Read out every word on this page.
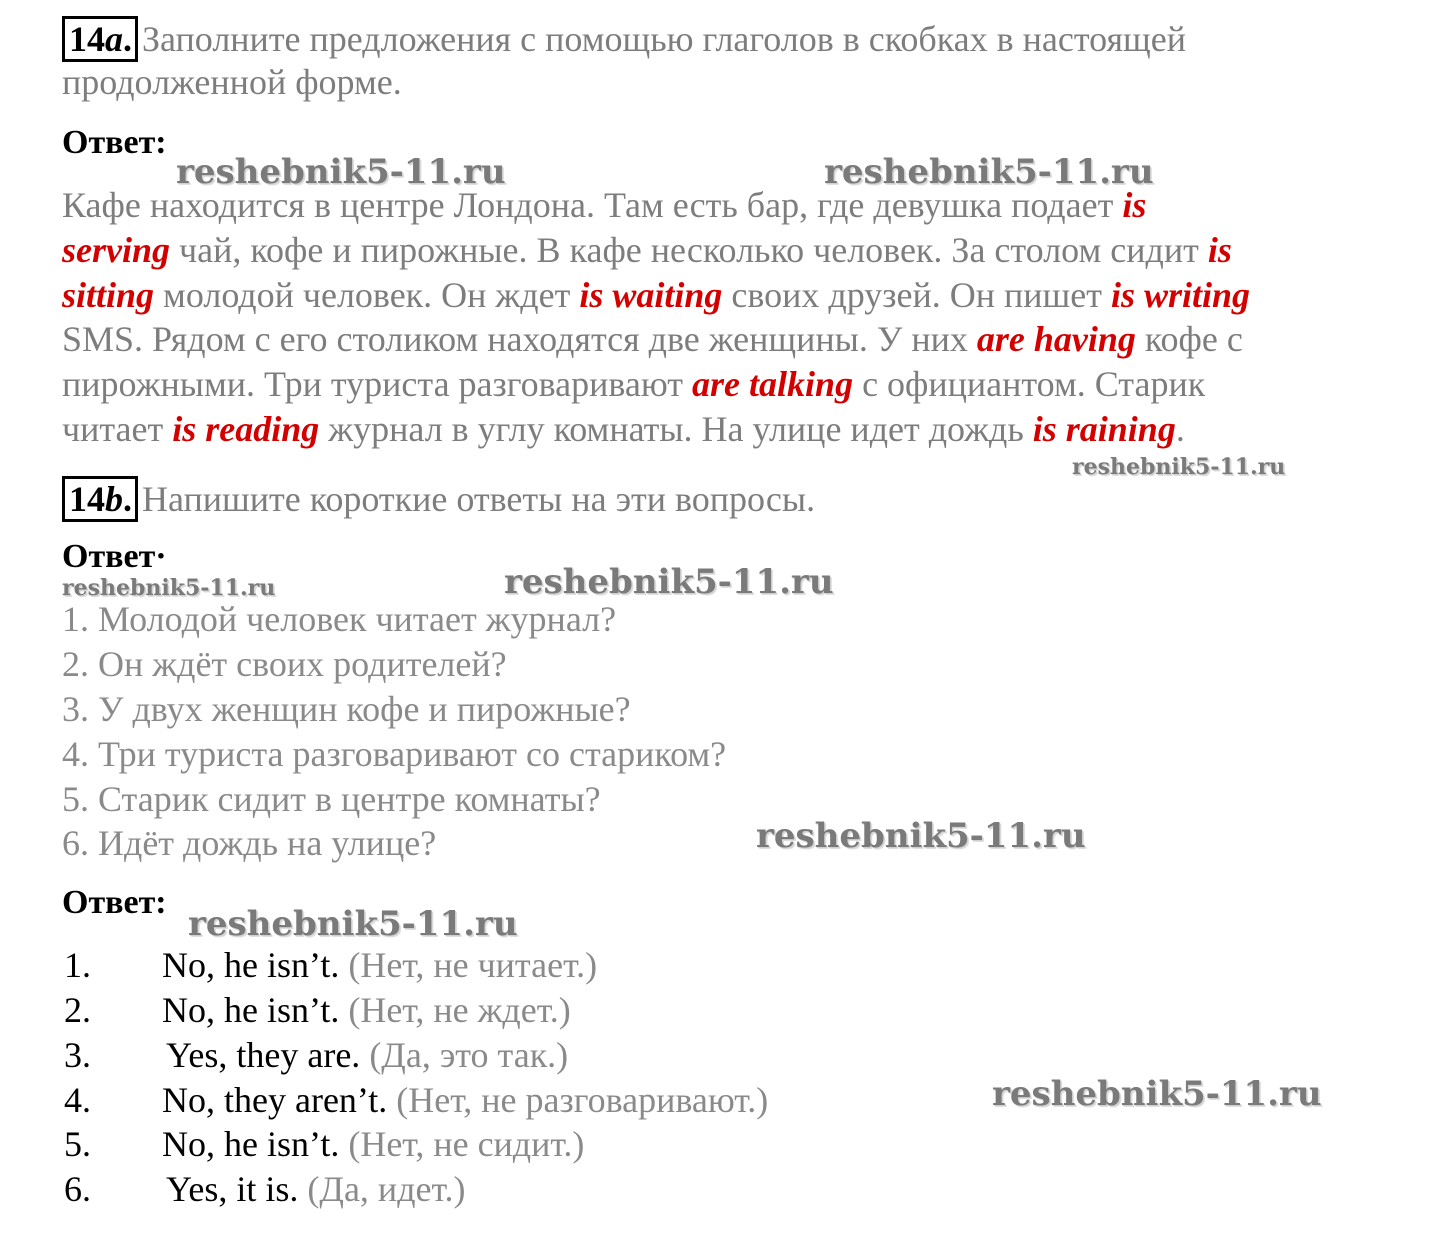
14a. Заполните предложения с помощью глаголов в скобках в настоящей
продолженной форме.
Ответ:
Кафе находится в центре Лондона. Там есть бар, где девушка подает is
serving чай, кофе и пирожные. В кафе несколько человек. За столом сидит is
sitting молодой человек. Он ждет is waiting своих друзей. Он пишет is writing
SMS. Рядом с его столиком находятся две женщины. У них are having кофе с
пирожными. Три туриста разговаривают are talking с официантом. Старик
читает is reading журнал в углу комнаты. На улице идет дождь is raining.
14b. Напишите короткие ответы на эти вопросы.
Ответ·
1. Молодой человек читает журнал?
2. Он ждёт своих родителей?
3. У двух женщин кофе и пирожные?
4. Три туриста разговаривают со стариком?
5. Старик сидит в центре комнаты?
6. Идёт дождь на улице?
Ответ:
1. No, he isn’t. (Нет, не читает.)
2. No, he isn’t. (Нет, не ждет.)
3. Yes, they are. (Да, это так.)
4. No, they aren’t. (Нет, не разговаривают.)
5. No, he isn’t. (Нет, не сидит.)
6. Yes, it is. (Да, идет.)
reshebnik5-11.ru	reshebnik5-11.ru
reshebnik5-11.ru
reshebnik5-11.ru	reshebnik5-11.ru
reshebnik5-11.ru
reshebnik5-11.ru
reshebnik5-11.ru
